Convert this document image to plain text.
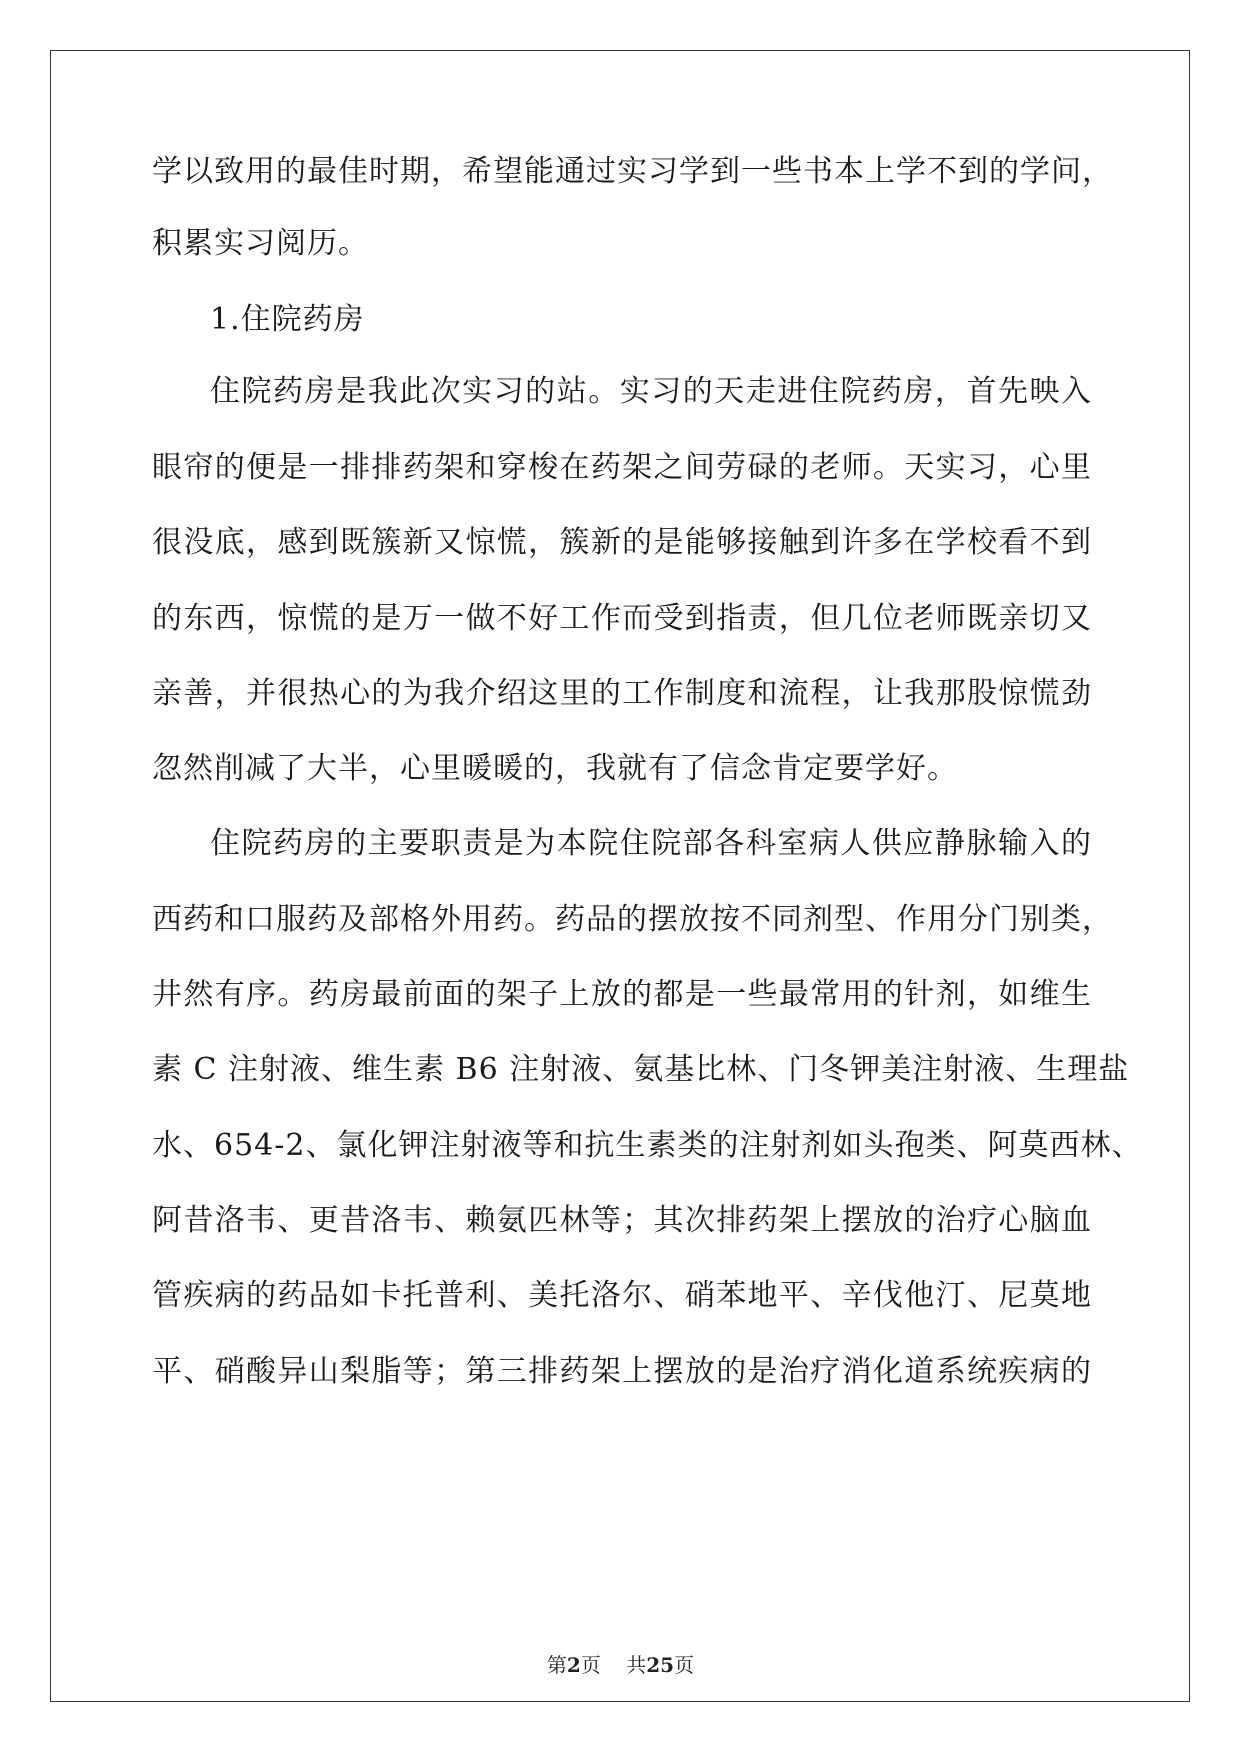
学以致用的最佳时期，希望能通过实习学到一些书本上学不到的学问，
积累实习阅历。
1.住院药房
住院药房是我此次实习的站。实习的天走进住院药房，首先映入
眼帘的便是一排排药架和穿梭在药架之间劳碌的老师。天实习，心里
很没底，感到既簇新又惊慌，簇新的是能够接触到许多在学校看不到
的东西，惊慌的是万一做不好工作而受到指责，但几位老师既亲切又
亲善，并很热心的为我介绍这里的工作制度和流程，让我那股惊慌劲
忽然削减了大半，心里暖暖的，我就有了信念肯定要学好。
住院药房的主要职责是为本院住院部各科室病人供应静脉输入的
西药和口服药及部格外用药。药品的摆放按不同剂型、作用分门别类，
井然有序。药房最前面的架子上放的都是一些最常用的针剂，如维生
素 C 注射液、维生素 B6 注射液、氨基比林、门冬钾美注射液、生理盐
水、654-2、氯化钾注射液等和抗生素类的注射剂如头孢类、阿莫西林、
阿昔洛韦、更昔洛韦、赖氨匹林等；其次排药架上摆放的治疗心脑血
管疾病的药品如卡托普利、美托洛尔、硝苯地平、辛伐他汀、尼莫地
平、硝酸异山梨脂等；第三排药架上摆放的是治疗消化道系统疾病的
第2页 共25页
